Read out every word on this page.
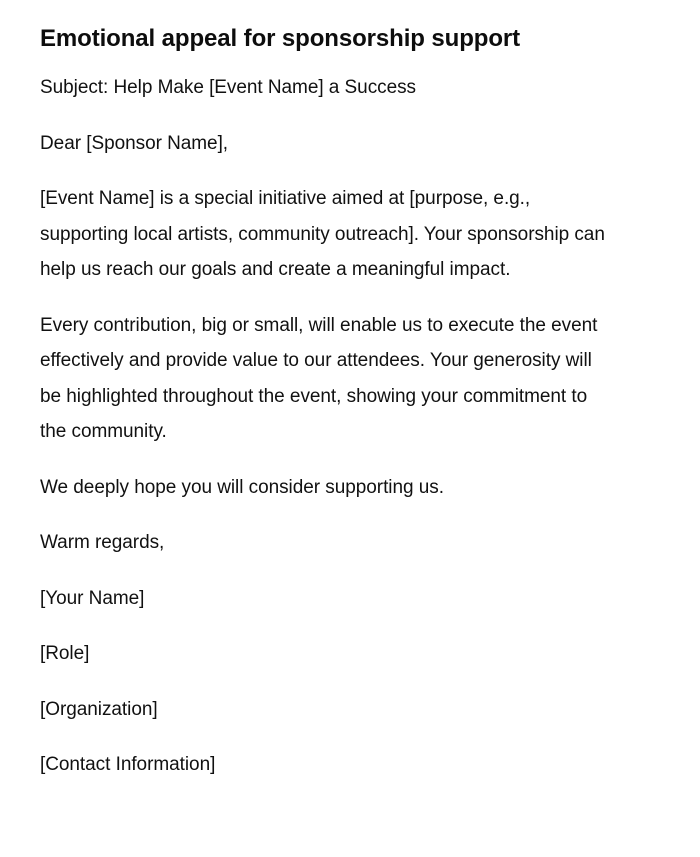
Emotional appeal for sponsorship support

Subject: Help Make [Event Name] a Success

Dear [Sponsor Name],

[Event Name] is a special initiative aimed at [purpose, e.g., supporting local artists, community outreach]. Your sponsorship can help us reach our goals and create a meaningful impact.

Every contribution, big or small, will enable us to execute the event effectively and provide value to our attendees. Your generosity will be highlighted throughout the event, showing your commitment to the community.

We deeply hope you will consider supporting us.

Warm regards,

[Your Name]

[Role]

[Organization]

[Contact Information]
